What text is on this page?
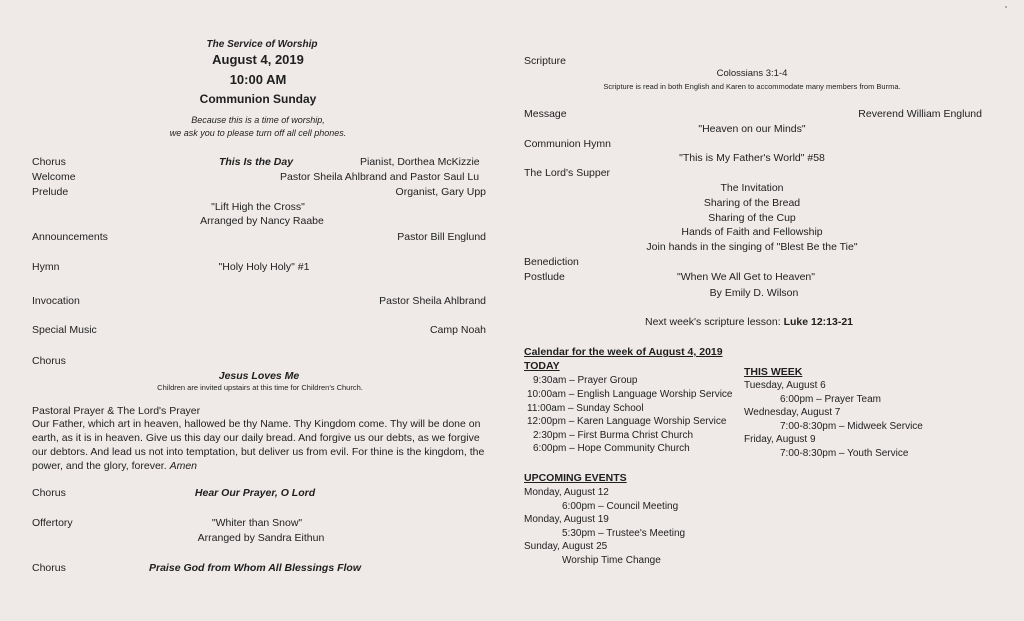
The Service of Worship
August 4, 2019
10:00 AM
Communion Sunday
Because this is a time of worship,
we ask you to please turn off all cell phones.
Chorus	This Is the Day	Pianist, Dorthea McKizzie
Welcome	Pastor Sheila Ahlbrand and Pastor Saul Lu
Prelude	Organist, Gary Upp
"Lift High the Cross"
Arranged by Nancy Raabe
Announcements	Pastor Bill Englund
Hymn	"Holy Holy Holy" #1
Invocation	Pastor Sheila Ahlbrand
Special Music	Camp Noah
Chorus
Jesus Loves Me
Children are invited upstairs at this time for Children's Church.
Pastoral Prayer & The Lord's Prayer
Our Father, which art in heaven, hallowed be thy Name. Thy Kingdom come. Thy will be done on earth, as it is in heaven. Give us this day our daily bread. And forgive us our debts, as we forgive our debtors. And lead us not into temptation, but deliver us from evil. For thine is the kingdom, the power, and the glory, forever. Amen
Chorus	Hear Our Prayer, O Lord
Offertory	"Whiter than Snow"
Arranged by Sandra Eithun
Chorus	Praise God from Whom All Blessings Flow
Scripture
Colossians 3:1-4
Scripture is read in both English and Karen to accommodate many members from Burma.
Message	Reverend William Englund
"Heaven on our Minds"
Communion Hymn
"This is My Father's World" #58
The Lord's Supper
The Invitation
Sharing of the Bread
Sharing of the Cup
Hands of Faith and Fellowship
Join hands in the singing of "Blest Be the Tie"
Benediction
Postlude	"When We All Get to Heaven"
By Emily D. Wilson
Next week's scripture lesson: Luke 12:13-21
Calendar for the week of August 4, 2019
TODAY
9:30am – Prayer Group
10:00am – English Language Worship Service
11:00am – Sunday School
12:00pm – Karen Language Worship Service
2:30pm – First Burma Christ Church
6:00pm – Hope Community Church
THIS WEEK
Tuesday, August 6
6:00pm – Prayer Team
Wednesday, August 7
7:00-8:30pm – Midweek Service
Friday, August 9
7:00-8:30pm – Youth Service
UPCOMING EVENTS
Monday, August 12
6:00pm – Council Meeting
Monday, August 19
5:30pm – Trustee's Meeting
Sunday, August 25
Worship Time Change
